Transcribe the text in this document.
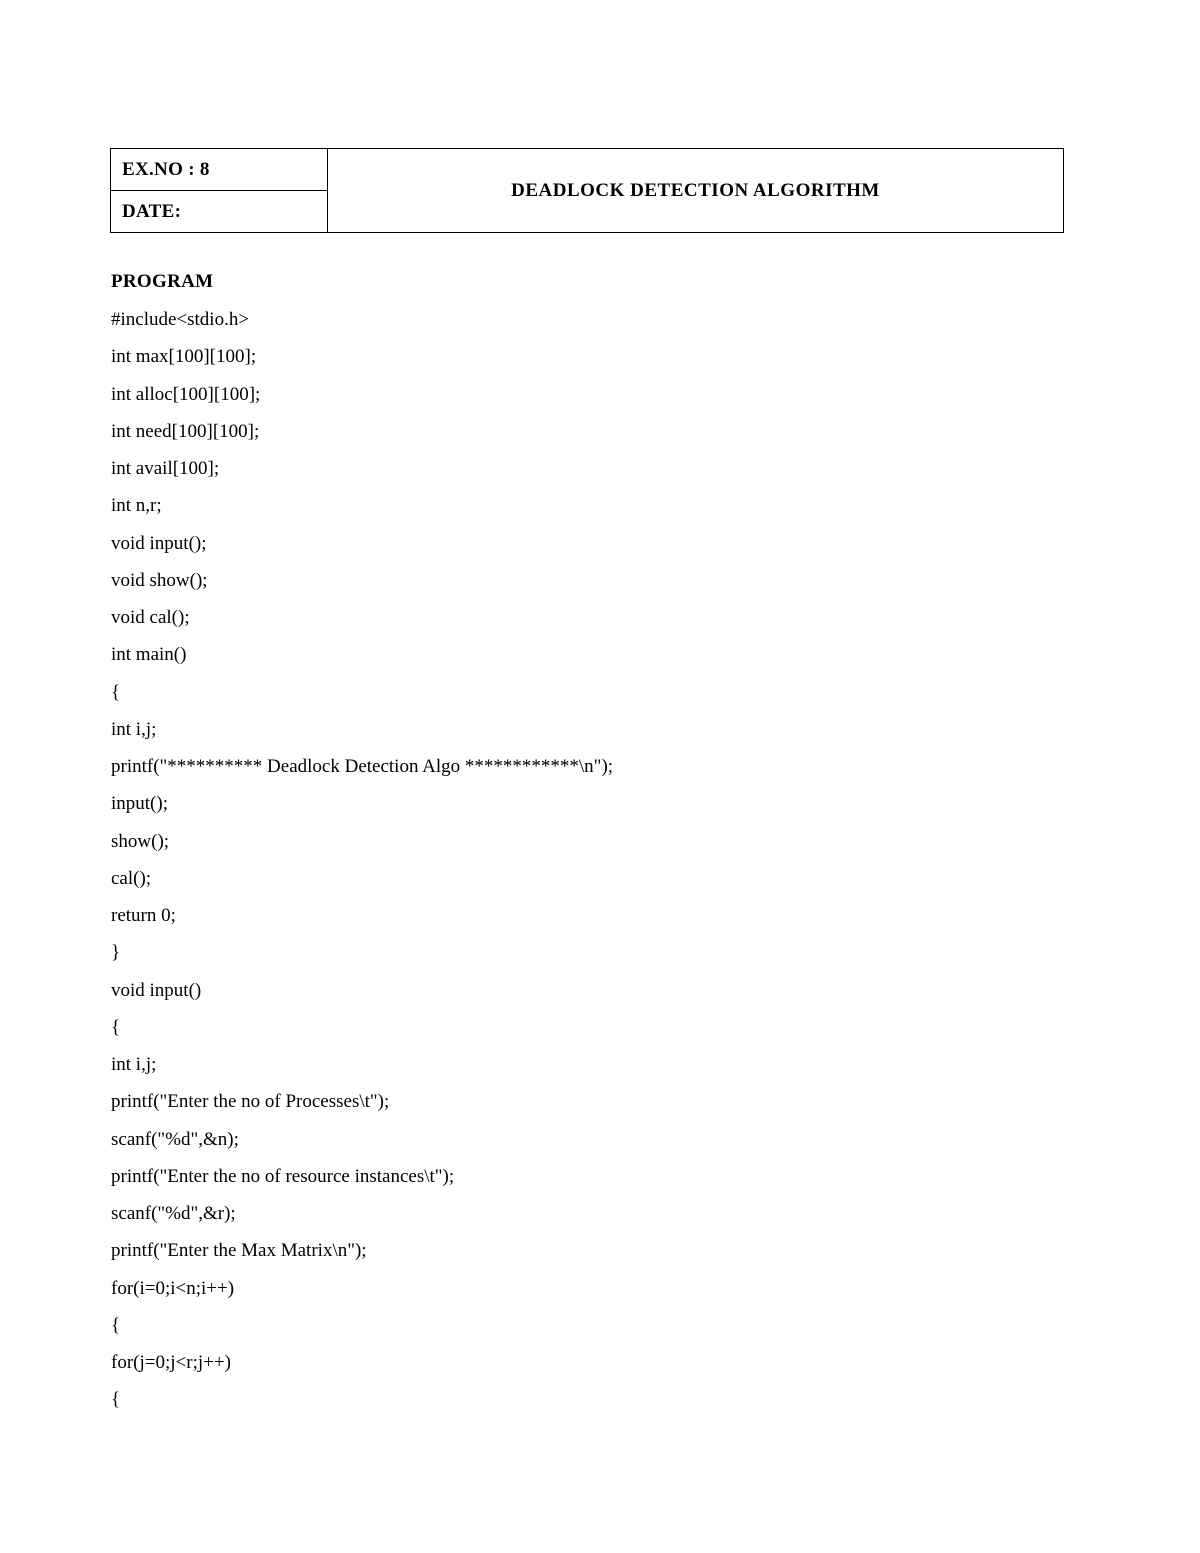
EX.NO : 8
DATE:
DEADLOCK DETECTION ALGORITHM
PROGRAM
#include<stdio.h>
int max[100][100];
int alloc[100][100];
int need[100][100];
int avail[100];
int n,r;
void input();
void show();
void cal();
int main()
{
int i,j;
printf("********** Deadlock Detection Algo ************\n");
input();
show();
cal();
return 0;
}
void input()
{
int i,j;
printf("Enter the no of Processes\t");
scanf("%d",&n);
printf("Enter the no of resource instances\t");
scanf("%d",&r);
printf("Enter the Max Matrix\n");
for(i=0;i<n;i++)
{
for(j=0;j<r;j++)
{
